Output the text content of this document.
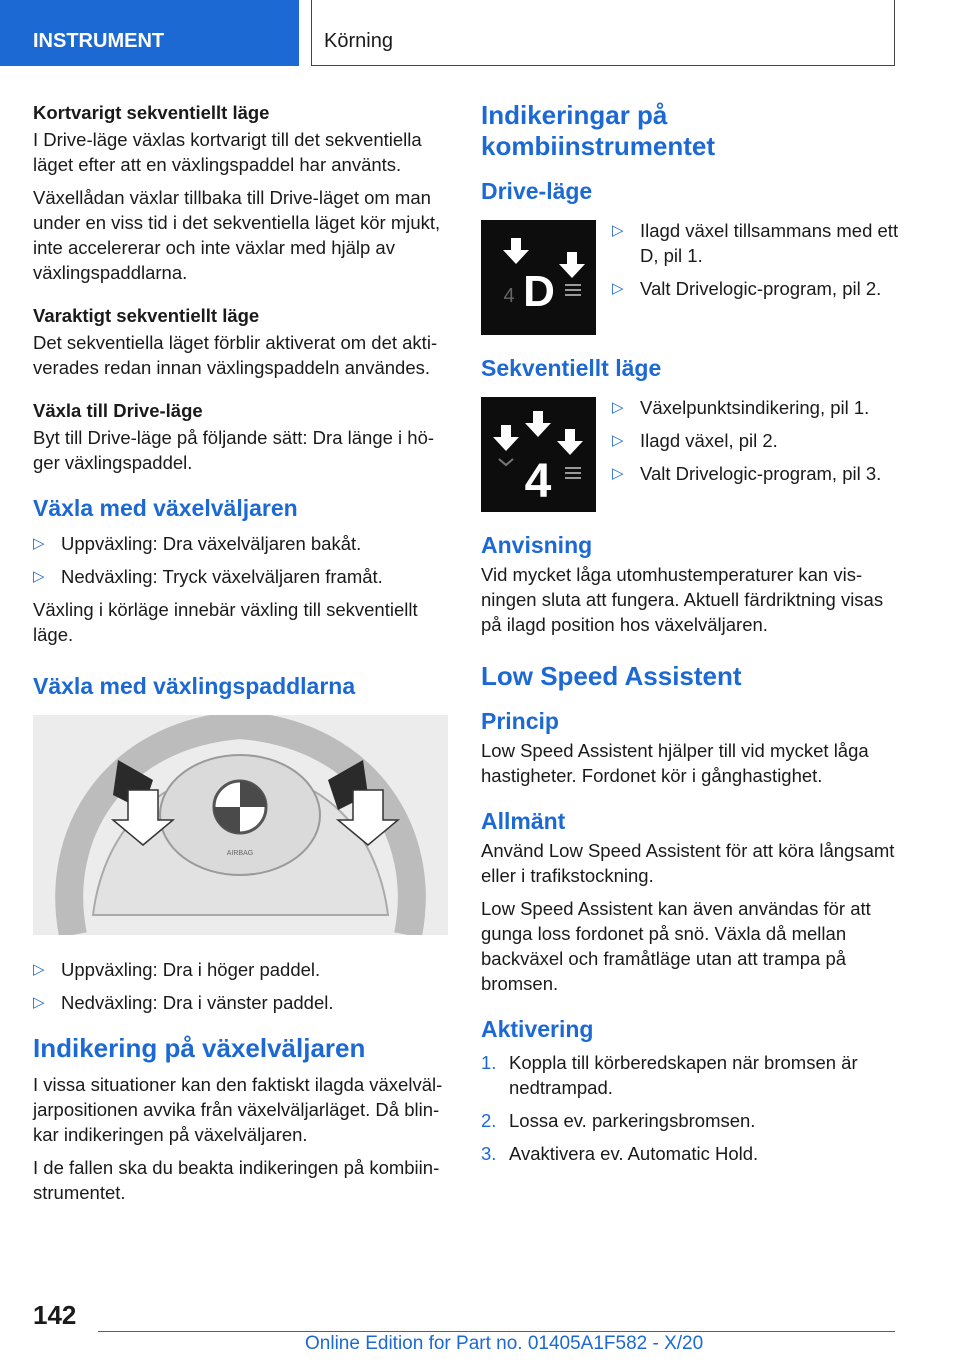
INSTRUMENT	Körning
Kortvarigt sekventiellt läge

I Drive-läge växlas kortvarigt till det sekventiella läget efter att en växlingspaddel har använts.

Växellådan växlar tillbaka till Drive-läget om man under en viss tid i det sekventiella läget kör mjukt, inte accelererar och inte växlar med hjälp av växlingspaddlarna.

Varaktigt sekventiellt läge

Det sekventiella läget förblir aktiverat om det aktiverades redan innan växlingspaddeln användes.

Växla till Drive-läge

Byt till Drive-läge på följande sätt: Dra länge i höger växlingspaddel.

Växla med växelväljaren
▷ Uppväxling: Dra växelväljaren bakåt.
▷ Nedväxling: Tryck växelväljaren framåt.

Växling i körläge innebär växling till sekventiellt läge.

Växla med växlingspaddlarna
AIRBAG
▷ Uppväxling: Dra i höger paddel.
▷ Nedväxling: Dra i vänster paddel.
Indikering på växelväljaren

I vissa situationer kan den faktiskt ilagda växelväljarpositionen avvika från växelväljarläget. Då blinkar indikeringen på växelväljaren.

I de fallen ska du beakta indikeringen på kombiinstrumentet.

Indikeringar på kombiinstrumentet
Drive-läge
4 D
▷ Ilagd växel tillsammans med ett D, pil 1.
▷ Valt Drivelogic-program, pil 2.
Sekventiellt läge
4
▷ Växelpunktsindikering, pil 1.
▷ Ilagd växel, pil 2.
▷ Valt Drivelogic-program, pil 3.
Anvisning

Vid mycket låga utomhustemperaturer kan visningen sluta att fungera. Aktuell färdriktning visas på ilagd position hos växelväljaren.

Low Speed Assistent
Princip

Low Speed Assistent hjälper till vid mycket låga hastigheter. Fordonet kör i gånghastighet.

Allmänt

Använd Low Speed Assistent för att köra långsamt eller i trafikstockning.

Low Speed Assistent kan även användas för att gunga loss fordonet på snö. Växla då mellan backväxel och framåtläge utan att trampa på bromsen.

Aktivering
1. Koppla till körberedskapen när bromsen är nedtrampad.
2. Lossa ev. parkeringsbromsen.
3. Avaktivera ev. Automatic Hold.
142
Online Edition for Part no. 01405A1F582 - X/20
